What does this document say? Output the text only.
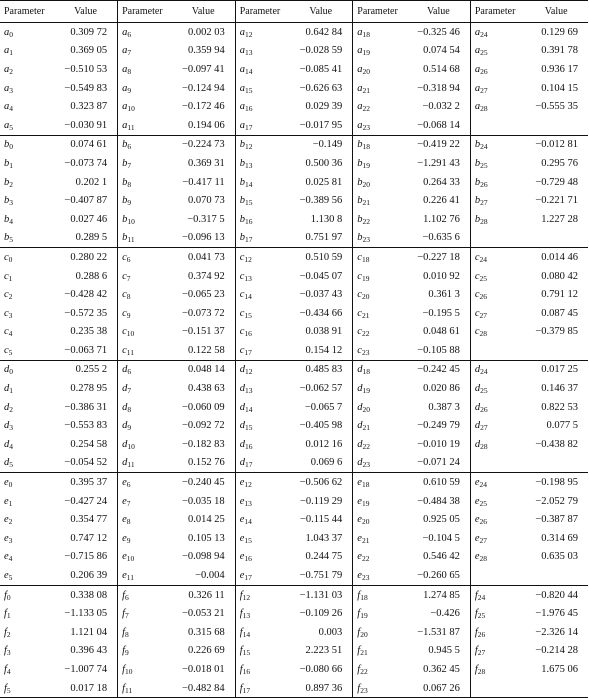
Parameter	Value	Parameter	Value	Parameter	Value	Parameter	Value	Parameter	Value
$a_0$	0.309 72	$a_6$	0.002 03	$a_{12}$	0.642 84	$a_{18}$	−0.325 46	$a_{24}$	0.129 69
$a_1$	0.369 05	$a_7$	0.359 94	$a_{13}$	−0.028 59	$a_{19}$	0.074 54	$a_{25}$	0.391 78
$a_2$	−0.510 53	$a_8$	−0.097 41	$a_{14}$	−0.085 41	$a_{20}$	0.514 68	$a_{26}$	0.936 17
$a_3$	−0.549 83	$a_9$	−0.124 94	$a_{15}$	−0.626 63	$a_{21}$	−0.318 94	$a_{27}$	0.104 15
$a_4$	0.323 87	$a_{10}$	−0.172 46	$a_{16}$	0.029 39	$a_{22}$	−0.032 2	$a_{28}$	−0.555 35
$a_5$	−0.030 91	$a_{11}$	0.194 06	$a_{17}$	−0.017 95	$a_{23}$	−0.068 14		
$b_0$	0.074 61	$b_6$	−0.224 73	$b_{12}$	−0.149	$b_{18}$	−0.419 22	$b_{24}$	−0.012 81
$b_1$	−0.073 74	$b_7$	0.369 31	$b_{13}$	0.500 36	$b_{19}$	−1.291 43	$b_{25}$	0.295 76
$b_2$	0.202 1	$b_8$	−0.417 11	$b_{14}$	0.025 81	$b_{20}$	0.264 33	$b_{26}$	−0.729 48
$b_3$	−0.407 87	$b_9$	0.070 73	$b_{15}$	−0.389 56	$b_{21}$	0.226 41	$b_{27}$	−0.221 71
$b_4$	0.027 46	$b_{10}$	−0.317 5	$b_{16}$	1.130 8	$b_{22}$	1.102 76	$b_{28}$	1.227 28
$b_5$	0.289 5	$b_{11}$	−0.096 13	$b_{17}$	0.751 97	$b_{23}$	−0.635 6		
$c_0$	0.280 22	$c_6$	0.041 73	$c_{12}$	0.510 59	$c_{18}$	−0.227 18	$c_{24}$	0.014 46
$c_1$	0.288 6	$c_7$	0.374 92	$c_{13}$	−0.045 07	$c_{19}$	0.010 92	$c_{25}$	0.080 42
$c_2$	−0.428 42	$c_8$	−0.065 23	$c_{14}$	−0.037 43	$c_{20}$	0.361 3	$c_{26}$	0.791 12
$c_3$	−0.572 35	$c_9$	−0.073 72	$c_{15}$	−0.434 66	$c_{21}$	−0.195 5	$c_{27}$	0.087 45
$c_4$	0.235 38	$c_{10}$	−0.151 37	$c_{16}$	0.038 91	$c_{22}$	0.048 61	$c_{28}$	−0.379 85
$c_5$	−0.063 71	$c_{11}$	0.122 58	$c_{17}$	0.154 12	$c_{23}$	−0.105 88		
$d_0$	0.255 2	$d_6$	0.048 14	$d_{12}$	0.485 83	$d_{18}$	−0.242 45	$d_{24}$	0.017 25
$d_1$	0.278 95	$d_7$	0.438 63	$d_{13}$	−0.062 57	$d_{19}$	0.020 86	$d_{25}$	0.146 37
$d_2$	−0.386 31	$d_8$	−0.060 09	$d_{14}$	−0.065 7	$d_{20}$	0.387 3	$d_{26}$	0.822 53
$d_3$	−0.553 83	$d_9$	−0.092 72	$d_{15}$	−0.405 98	$d_{21}$	−0.249 79	$d_{27}$	0.077 5
$d_4$	0.254 58	$d_{10}$	−0.182 83	$d_{16}$	0.012 16	$d_{22}$	−0.010 19	$d_{28}$	−0.438 82
$d_5$	−0.054 52	$d_{11}$	0.152 76	$d_{17}$	0.069 6	$d_{23}$	−0.071 24		
$e_0$	0.395 37	$e_6$	−0.240 45	$e_{12}$	−0.506 62	$e_{18}$	0.610 59	$e_{24}$	−0.198 95
$e_1$	−0.427 24	$e_7$	−0.035 18	$e_{13}$	−0.119 29	$e_{19}$	−0.484 38	$e_{25}$	−2.052 79
$e_2$	0.354 77	$e_8$	0.014 25	$e_{14}$	−0.115 44	$e_{20}$	0.925 05	$e_{26}$	−0.387 87
$e_3$	0.747 12	$e_9$	0.105 13	$e_{15}$	1.043 37	$e_{21}$	−0.104 5	$e_{27}$	0.314 69
$e_4$	−0.715 86	$e_{10}$	−0.098 94	$e_{16}$	0.244 75	$e_{22}$	0.546 42	$e_{28}$	0.635 03
$e_5$	0.206 39	$e_{11}$	−0.004	$e_{17}$	−0.751 79	$e_{23}$	−0.260 65		
$f_0$	0.338 08	$f_6$	0.326 11	$f_{12}$	−1.131 03	$f_{18}$	1.274 85	$f_{24}$	−0.820 44
$f_1$	−1.133 05	$f_7$	−0.053 21	$f_{13}$	−0.109 26	$f_{19}$	−0.426	$f_{25}$	−1.976 45
$f_2$	1.121 04	$f_8$	0.315 68	$f_{14}$	0.003	$f_{20}$	−1.531 87	$f_{26}$	−2.326 14
$f_3$	0.396 43	$f_9$	0.226 69	$f_{15}$	2.223 51	$f_{21}$	0.945 5	$f_{27}$	−0.214 28
$f_4$	−1.007 74	$f_{10}$	−0.018 01	$f_{16}$	−0.080 66	$f_{22}$	0.362 45	$f_{28}$	1.675 06
$f_5$	0.017 18	$f_{11}$	−0.482 84	$f_{17}$	0.897 36	$f_{23}$	0.067 26		
